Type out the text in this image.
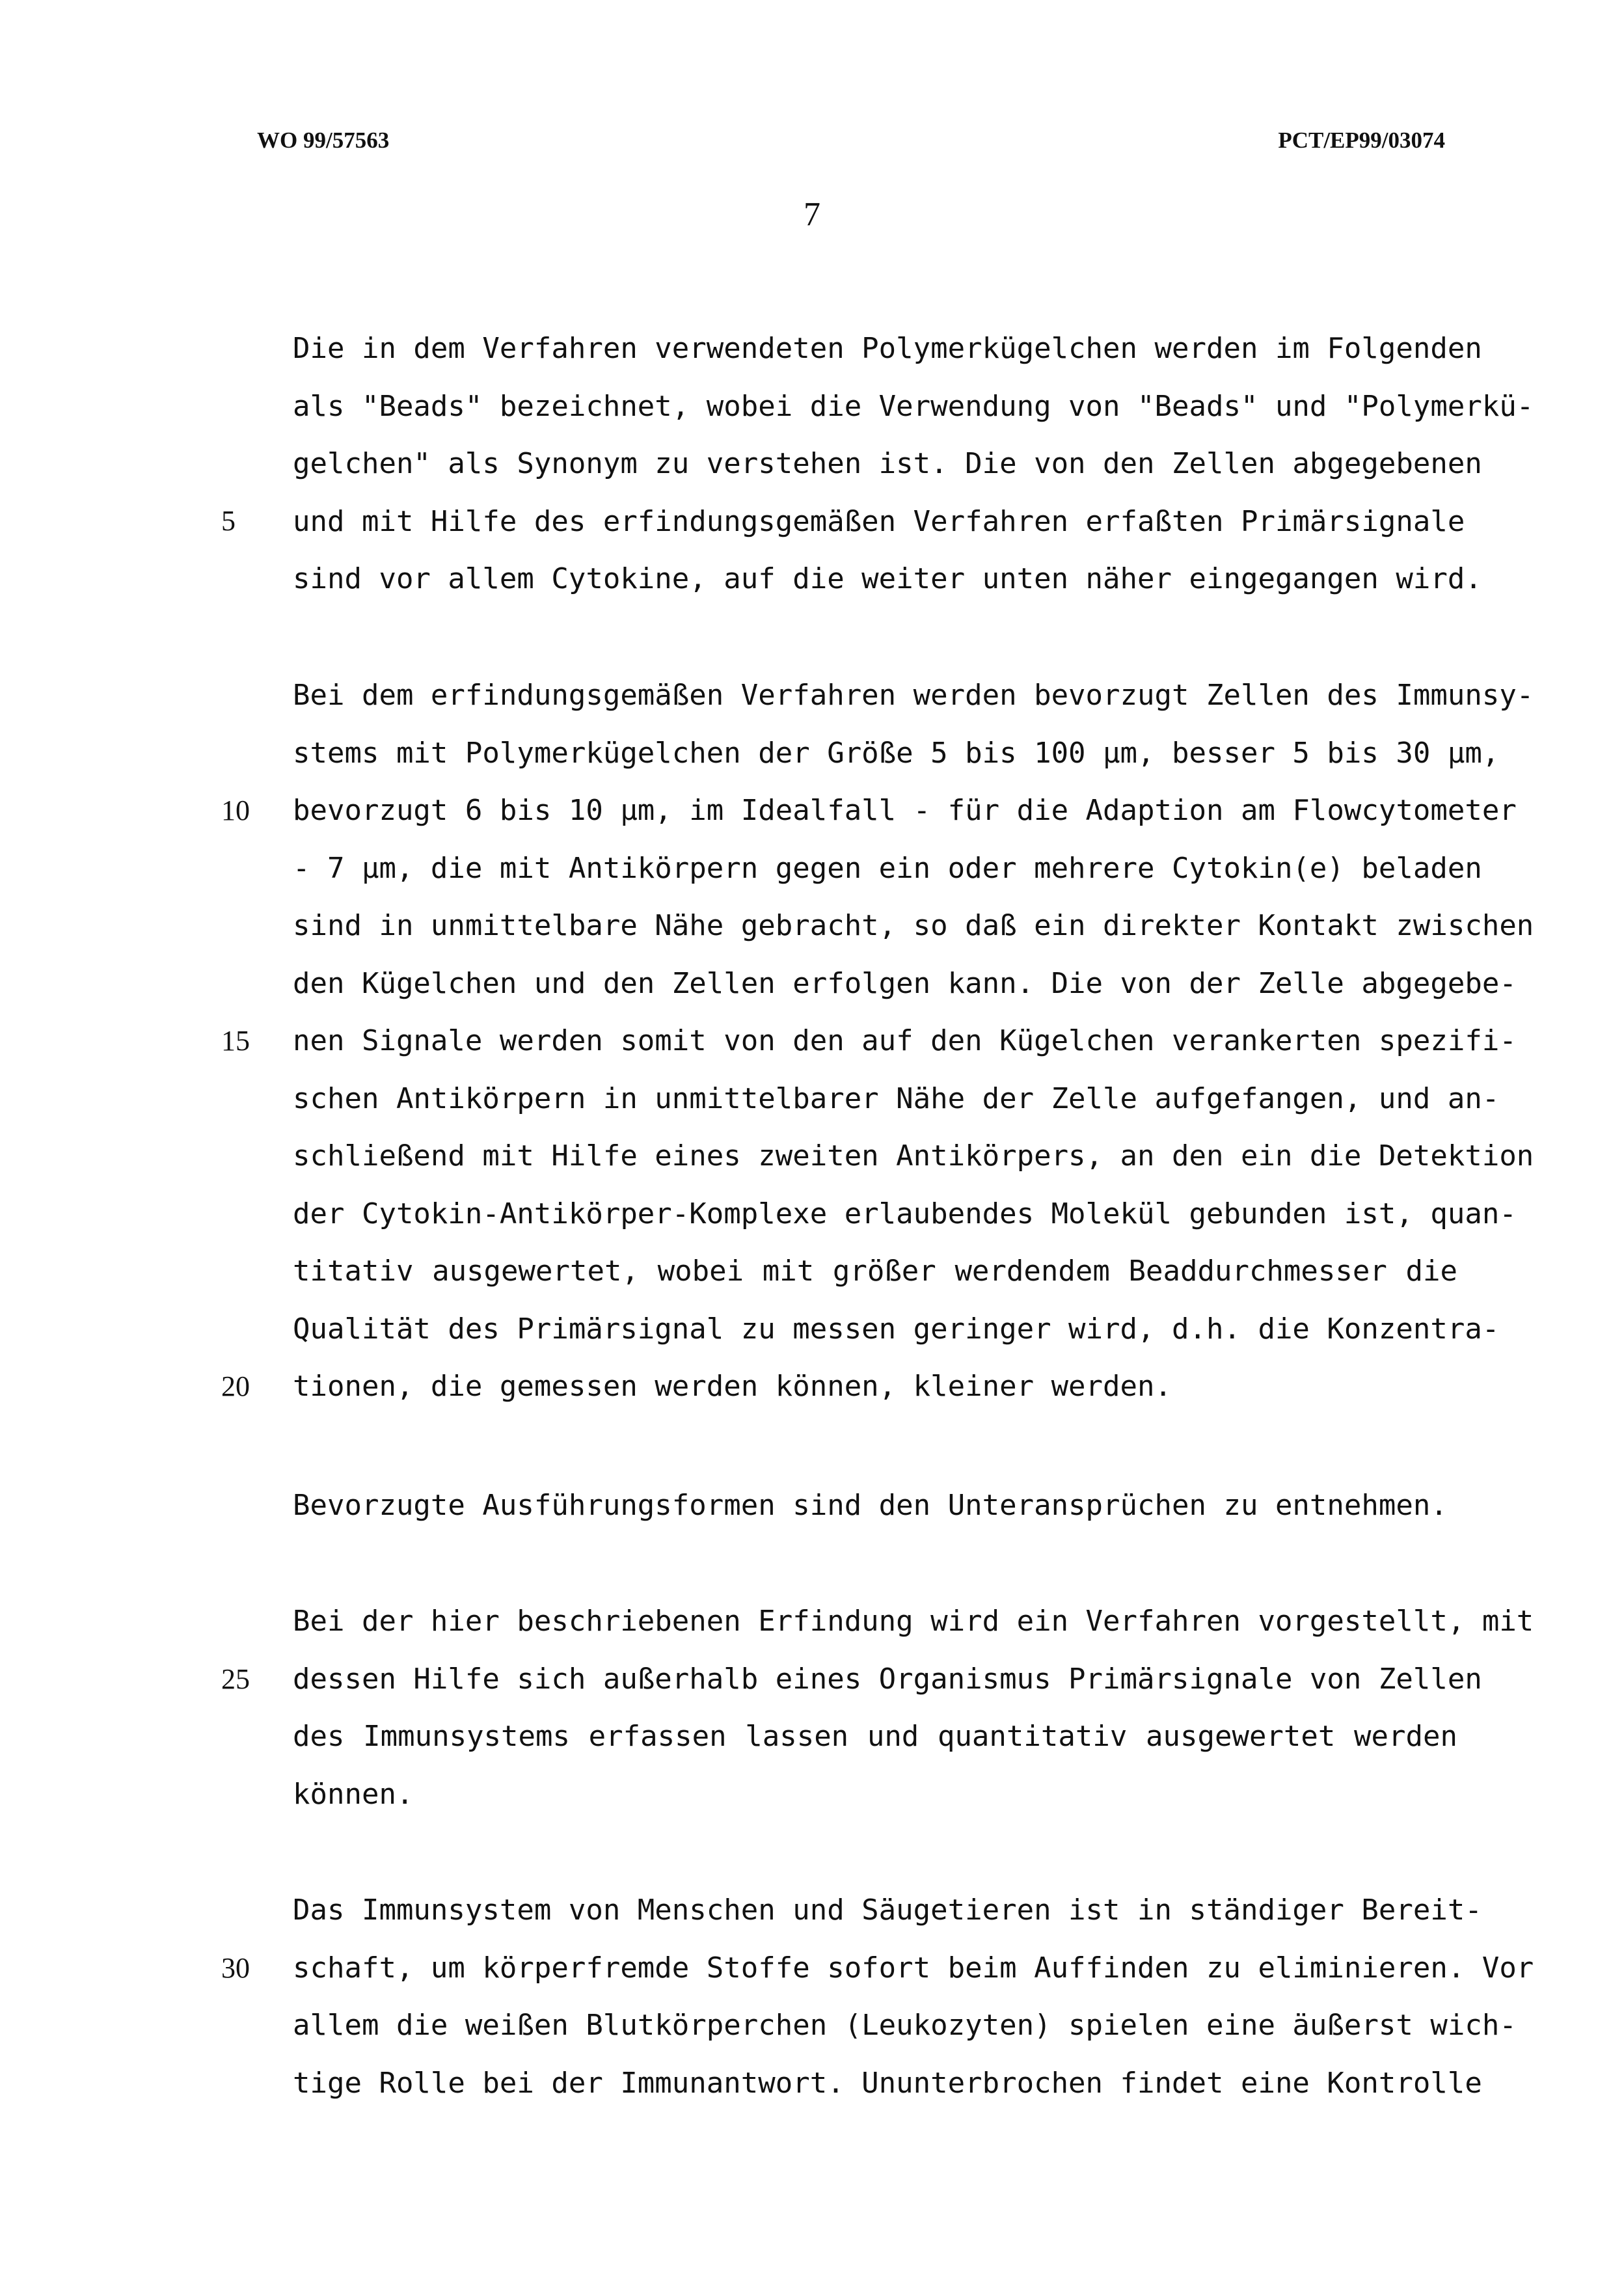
WO 99/57563	PCT/EP99/03074
7
Die in dem Verfahren verwendeten Polymerkügelchen werden im Folgenden
als "Beads" bezeichnet, wobei die Verwendung von "Beads" und "Polymerkü-
gelchen" als Synonym zu verstehen ist. Die von den Zellen abgegebenen
und mit Hilfe des erfindungsgemäßen Verfahren erfaßten Primärsignale
sind vor allem Cytokine, auf die weiter unten näher eingegangen wird.
Bei dem erfindungsgemäßen Verfahren werden bevorzugt Zellen des Immunsy-
stems mit Polymerkügelchen der Größe 5 bis 100 µm, besser 5 bis 30 µm,
bevorzugt 6 bis 10 µm, im Idealfall - für die Adaption am Flowcytometer
- 7 µm, die mit Antikörpern gegen ein oder mehrere Cytokin(e) beladen
sind in unmittelbare Nähe gebracht, so daß ein direkter Kontakt zwischen
den Kügelchen und den Zellen erfolgen kann. Die von der Zelle abgegebe-
nen Signale werden somit von den auf den Kügelchen verankerten spezifi-
schen Antikörpern in unmittelbarer Nähe der Zelle aufgefangen, und an-
schließend mit Hilfe eines zweiten Antikörpers, an den ein die Detektion
der Cytokin-Antikörper-Komplexe erlaubendes Molekül gebunden ist, quan-
titativ ausgewertet, wobei mit größer werdendem Beaddurchmesser die
Qualität des Primärsignal zu messen geringer wird, d.h. die Konzentra-
tionen, die gemessen werden können, kleiner werden.
Bevorzugte Ausführungsformen sind den Unteransprüchen zu entnehmen.
Bei der hier beschriebenen Erfindung wird ein Verfahren vorgestellt, mit
dessen Hilfe sich außerhalb eines Organismus Primärsignale von Zellen
des Immunsystems erfassen lassen und quantitativ ausgewertet werden
können.
Das Immunsystem von Menschen und Säugetieren ist in ständiger Bereit-
schaft, um körperfremde Stoffe sofort beim Auffinden zu eliminieren. Vor
allem die weißen Blutkörperchen (Leukozyten) spielen eine äußerst wich-
tige Rolle bei der Immunantwort. Ununterbrochen findet eine Kontrolle
5
10
15
20
25
30
